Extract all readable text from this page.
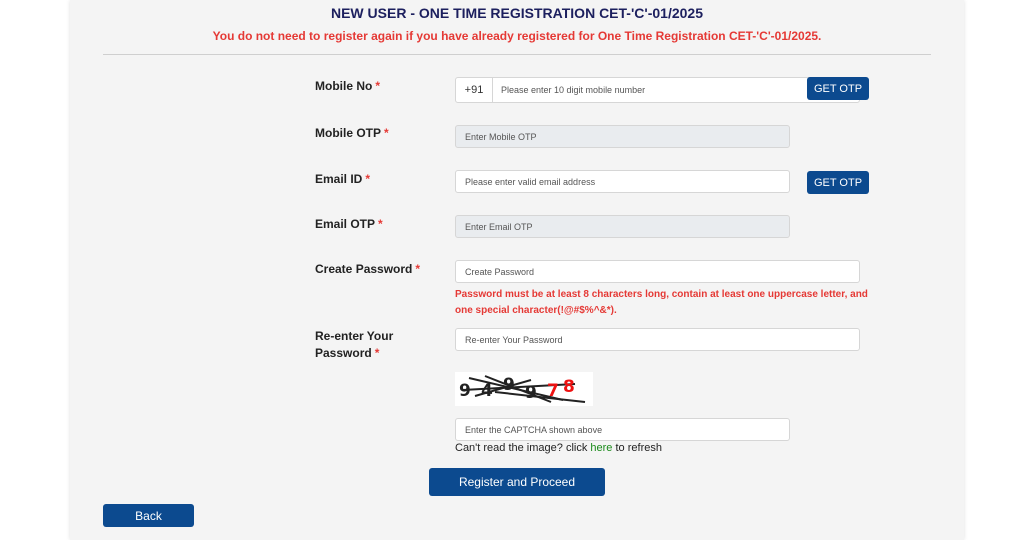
NEW USER - ONE TIME REGISTRATION CET-'C'-01/2025
You do not need to register again if you have already registered for One Time Registration CET-'C'-01/2025.
Mobile No *	+91	Please enter 10 digit mobile number	GET OTP
Mobile OTP *	Enter Mobile OTP
Email ID *	Please enter valid email address	GET OTP
Email OTP *	Enter Email OTP
Create Password *	Create Password
Password must be at least 8 characters long, contain at least one uppercase letter, and one special character(!@#$%^&*).
Re-enter Your
Password *
Re-enter Your Password
9 4 9 9 7 8
Enter the CAPTCHA shown above
Can't read the image? click here to refresh
Register and Proceed
Back
